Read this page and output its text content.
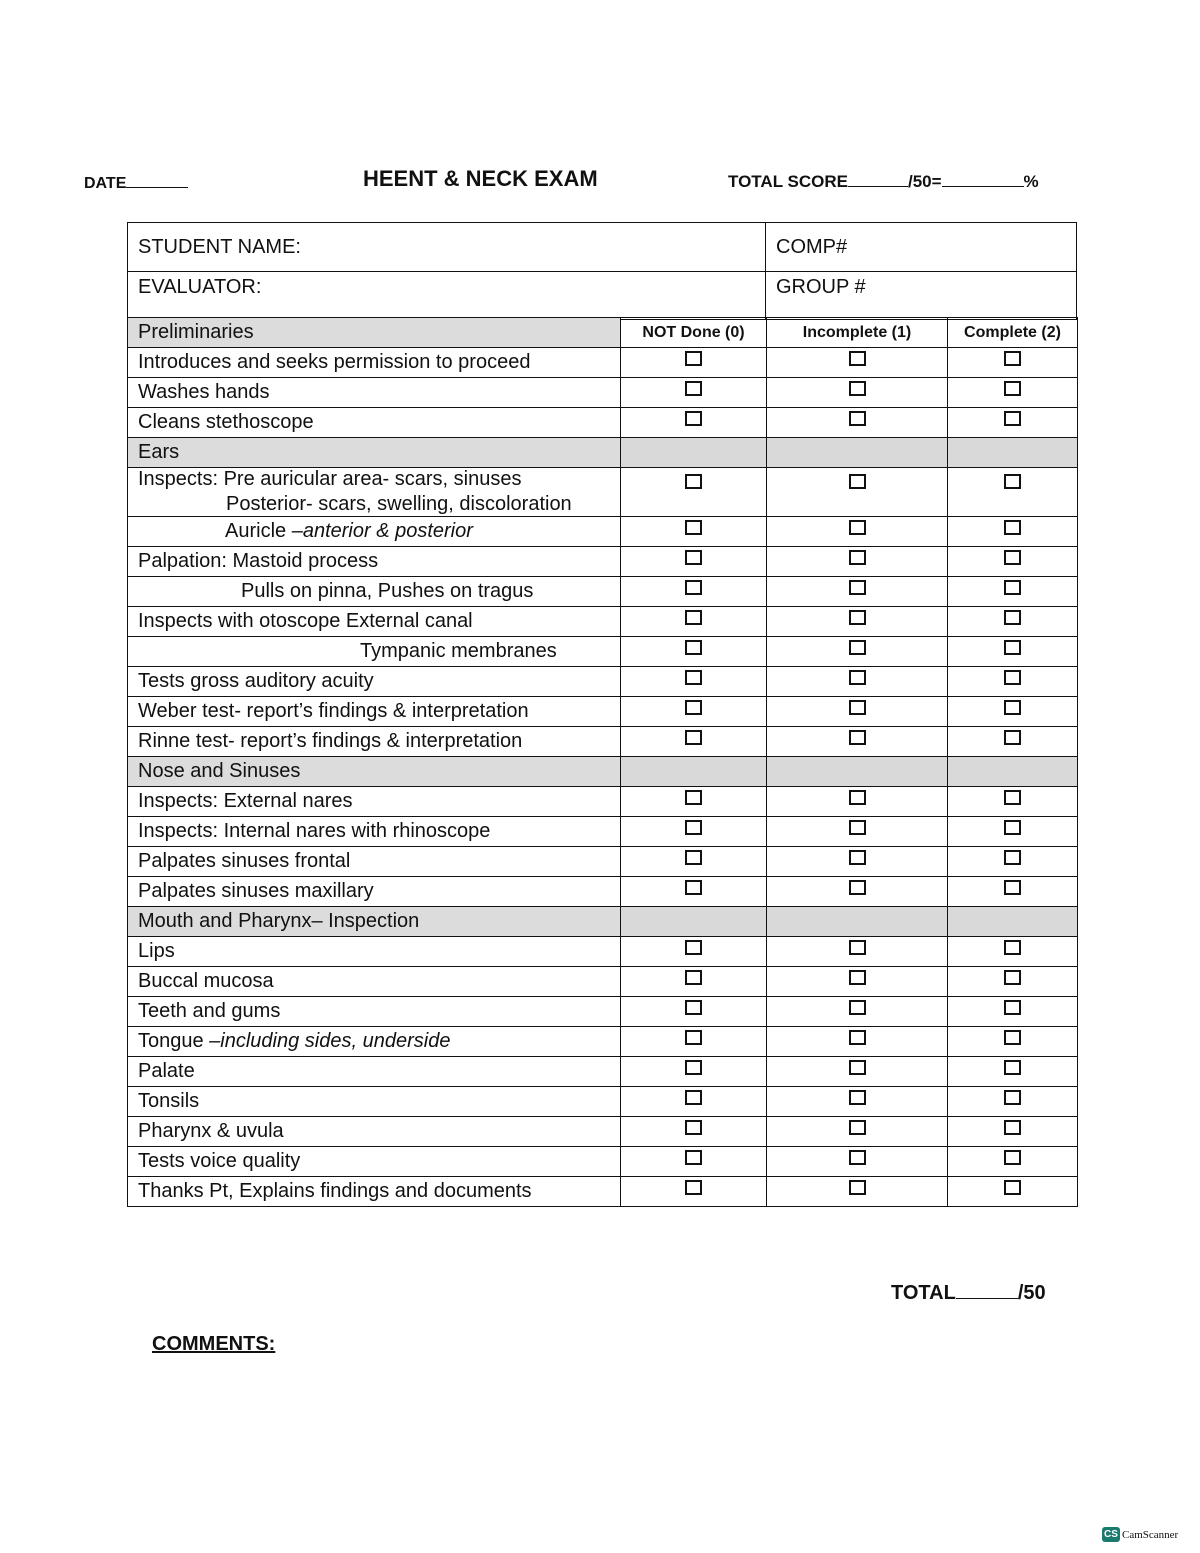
DATE	HEENT & NECK EXAM	TOTAL SCORE	/50=	%
STUDENT NAME:	COMP#
EVALUATOR:	GROUP #
Preliminaries	NOT Done (0)	Incomplete (1)	Complete (2)
Introduces and seeks permission to proceed			
Washes hands			
Cleans stethoscope			
Ears			
Inspects: Pre auricular area- scars, sinuses
Posterior- scars, swelling, discoloration			

Auricle –anterior & posterior			
Palpation: Mastoid process			
Pulls on pinna, Pushes on tragus			
Inspects with otoscope External canal			
Tympanic membranes			
Tests gross auditory acuity			
Weber test- report’s findings & interpretation			
Rinne test- report’s findings & interpretation			
Nose and Sinuses			
Inspects: External nares			
Inspects: Internal nares with rhinoscope			
Palpates sinuses frontal			
Palpates sinuses maxillary			
Mouth and Pharynx– Inspection			
Lips			
Buccal mucosa			
Teeth and gums			
Tongue –including sides, underside			
Palate			
Tonsils			
Pharynx & uvula			
Tests voice quality			
Thanks Pt, Explains findings and documents			
TOTAL	/50
COMMENTS:
CS CamScanner
